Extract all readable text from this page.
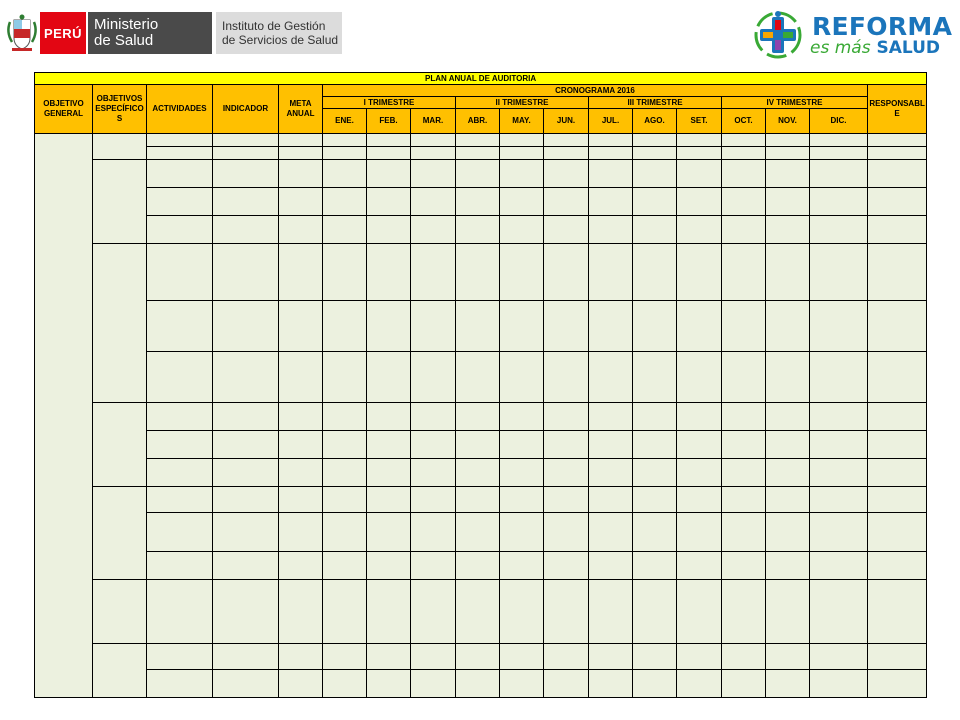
PERÚ Ministerio
de Salud
Instituto de Gestión
de Servicios de Salud	REFORMA
es más SALUD
PLAN ANUAL DE AUDITORIA																	
OBJETIVO GENERAL	OBJETIVOS ESPECÍFICOS	ACTIVIDADES	INDICADOR	META ANUAL	CRONOGRAMA 2016												RESPONSABLE
					I TRIMESTRE			II TRIMESTRE			III TRIMESTRE			IV TRIMESTRE			
					ENE.	FEB.	MAR.	ABR.	MAY.	JUN.	JUL.	AGO.	SET.	OCT.	NOV.	DIC.	
